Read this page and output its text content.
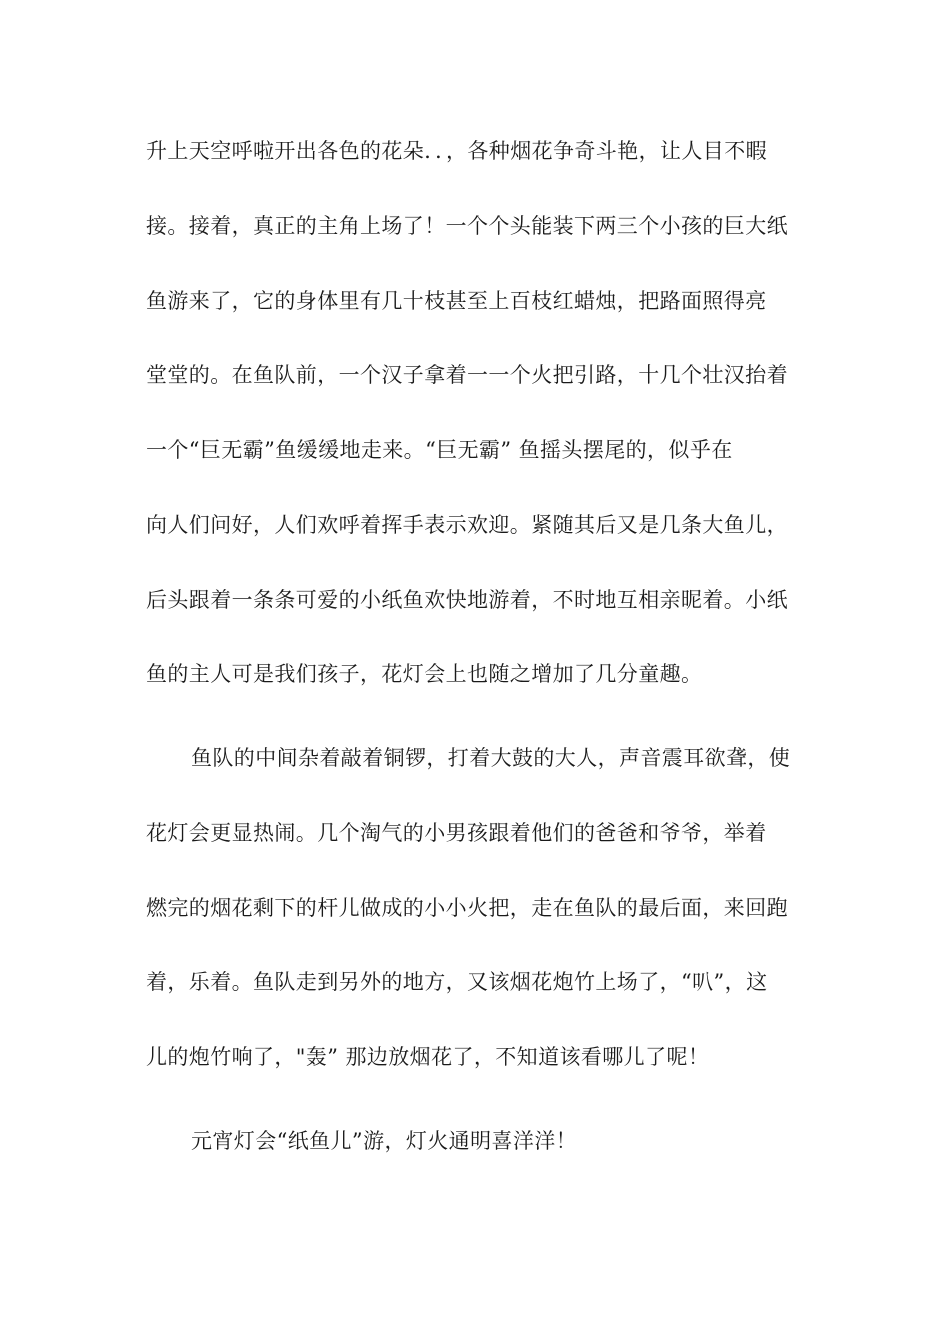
升上天空呼啦开出各色的花朵．．，各种烟花争奇斗艳，让人目不暇
接。接着，真正的主角上场了！一个个头能装下两三个小孩的巨大纸
鱼游来了，它的身体里有几十枝甚至上百枝红蜡烛，把路面照得亮
堂堂的。在鱼队前，一个汉子拿着一一个火把引路，十几个壮汉抬着
一个“巨无霸”鱼缓缓地走来。“巨无霸” 鱼摇头摆尾的，似乎在
向人们问好，人们欢呼着挥手表示欢迎。紧随其后又是几条大鱼儿，
后头跟着一条条可爱的小纸鱼欢快地游着，不时地互相亲昵着。小纸
鱼的主人可是我们孩子，花灯会上也随之增加了几分童趣。
鱼队的中间杂着敲着铜锣，打着大鼓的大人，声音震耳欲聋，使
花灯会更显热闹。几个淘气的小男孩跟着他们的爸爸和爷爷，举着
燃完的烟花剩下的杆儿做成的小小火把，走在鱼队的最后面，来回跑
着，乐着。鱼队走到另外的地方，又该烟花炮竹上场了，“叭”，这
儿的炮竹响了，"轰” 那边放烟花了，不知道该看哪儿了呢！
元宵灯会“纸鱼儿”游，灯火通明喜洋洋！
